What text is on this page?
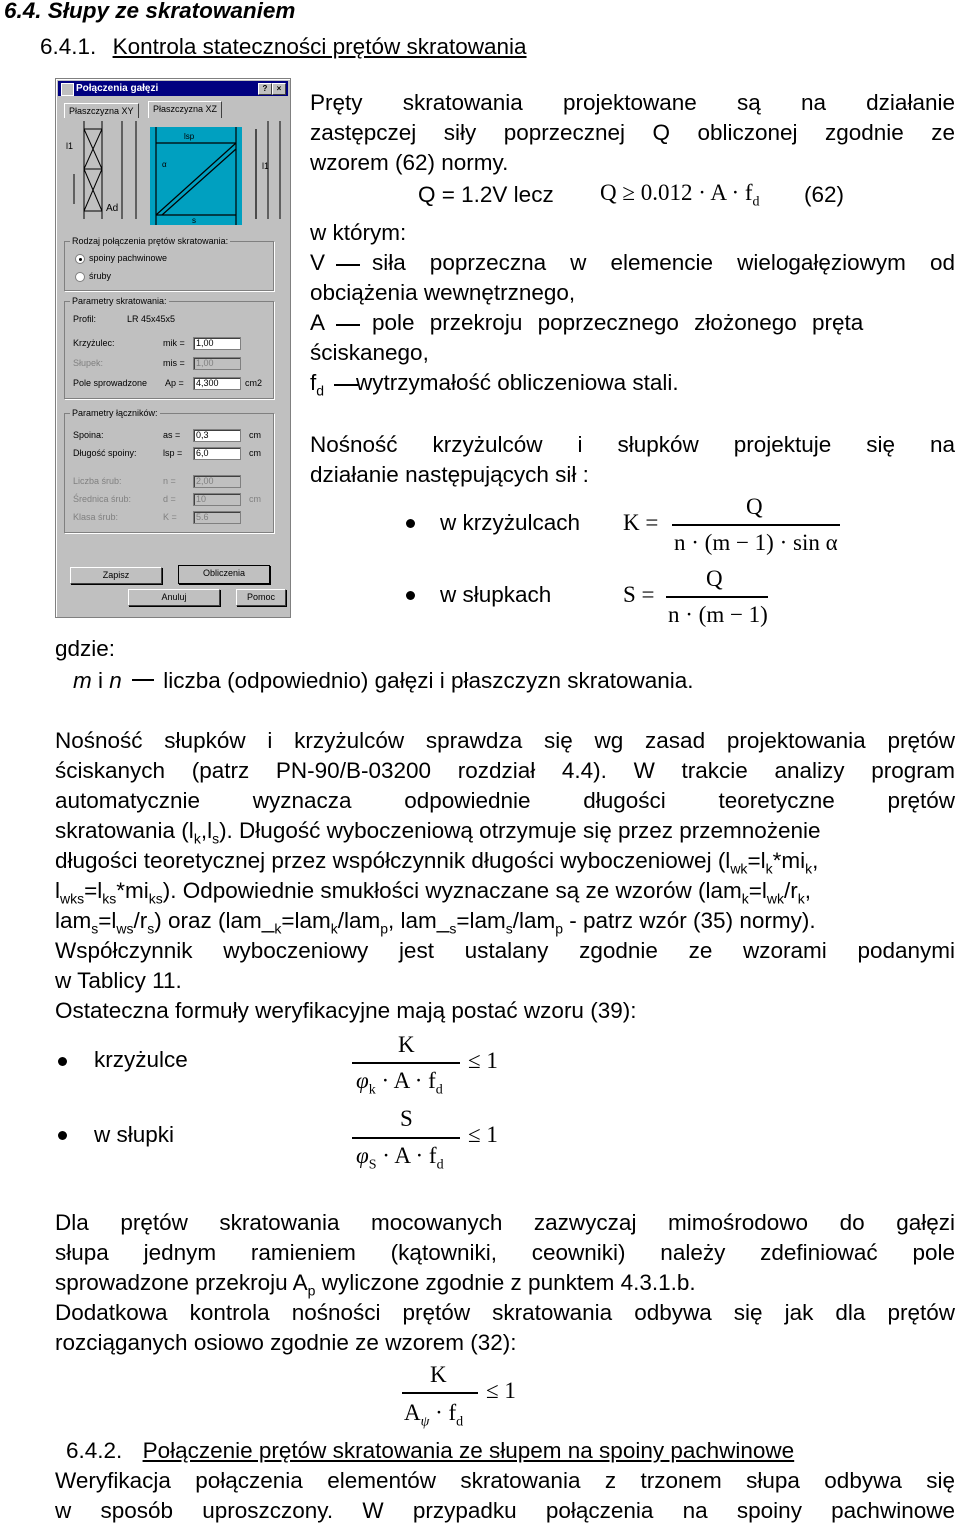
6.4. Słupy ze skratowaniem
6.4.1. Kontrola stateczności prętów skratowania
Połączenia gałęzi	?	×
Płaszczyzna XY	Płaszczyzna XZ
l1
lsp
α
Ad
l1
s
Rodzaj połączenia prętów skratowania:
spoiny pachwinowe
śruby
Parametry skratowania:
Profil:	LR 45x45x5
Krzyżulec:	mik =	1,00
Słupek:	mis =	1,00
Pole sprowadzone Ap =	4,300	cm2
Parametry łączników:
Spoina:	as =	0,3	cm
Długość spoiny:	lsp =	6,0	cm
Liczba śrub:	n =	2,00
Średnica śrub:	d =	10	cm
Klasa śrub:	K =	5.6
Zapisz	Obliczenia
Anuluj	Pomoc
Pręty skratowania projektowane są na działanie
zastępczej siły poprzecznej Q obliczonej zgodnie ze
wzorem (62) normy.
Q = 1.2V lecz $Q \ge 0.012 \cdot A \cdot f_d$ (62)
w którym:
V siła poprzeczna w elemencie wielogałęziowym od
obciążenia wewnętrznego,
A pole przekroju poprzecznego złożonego pręta
ściskanego,
$f_d$ wytrzymałość obliczeniowa stali.
Nośność krzyżulców i słupków projektuje się na
działanie następujących sił :
w krzyżulcach K =
Q
n · (m − 1) · sin α
w słupkach	S =
Q
n · (m − 1)
gdzie:
m i n  liczba (odpowiednio) gałęzi i płaszczyzn skratowania.
Nośność słupków i krzyżulców sprawdza się wg zasad projektowania prętów
ściskanych (patrz PN-90/B-03200 rozdział 4.4). W trakcie analizy program
automatycznie wyznacza odpowiednie długości teoretyczne prętów
skratowania $(l_k,l_s)$. Długość wyboczeniową otrzymuje się przez przemnożenie
długości teoretycznej przez współczynnik długości wyboczeniowej ($l_{wk}=l_k*mi_k$,
$l_{wks}=l_{ks}*mi_{ks}$). Odpowiednie smukłości wyznaczane są ze wzorów ($lam_k=l_{wk}/r_k$,
$lam_s=l_{ws}/r_s$) oraz ($lam\__k=lam_k/lam_p$, $lam\__s=lam_s/lam_p$ - patrz wzór (35) normy).
Współczynnik wyboczeniowy jest ustalany zgodnie ze wzorami podanymi
w Tablicy 11.
Ostateczna formuły weryfikacyjne mają postać wzoru (39):
krzyżulce
K
$\varphi_k \cdot A \cdot f_d$
≤ 1
w słupki
S
$\varphi_S \cdot A \cdot f_d$
≤ 1
Dla prętów skratowania mocowanych zazwyczaj mimośrodowo do gałęzi
słupa jednym ramieniem (kątowniki, ceowniki) należy zdefiniować pole
sprowadzone przekroju $A_p$ wyliczone zgodnie z punktem 4.3.1.b.
Dodatkowa kontrola nośności prętów skratowania odbywa się jak dla prętów
rozciąganych osiowo zgodnie ze wzorem (32):
K
$A_\psi \cdot f_d$
≤ 1
6.4.2. Połączenie prętów skratowania ze słupem na spoiny pachwinowe
Weryfikacja połączenia elementów skratowania z trzonem słupa odbywa się
w sposób uproszczony. W przypadku połączenia na spoiny pachwinowe
